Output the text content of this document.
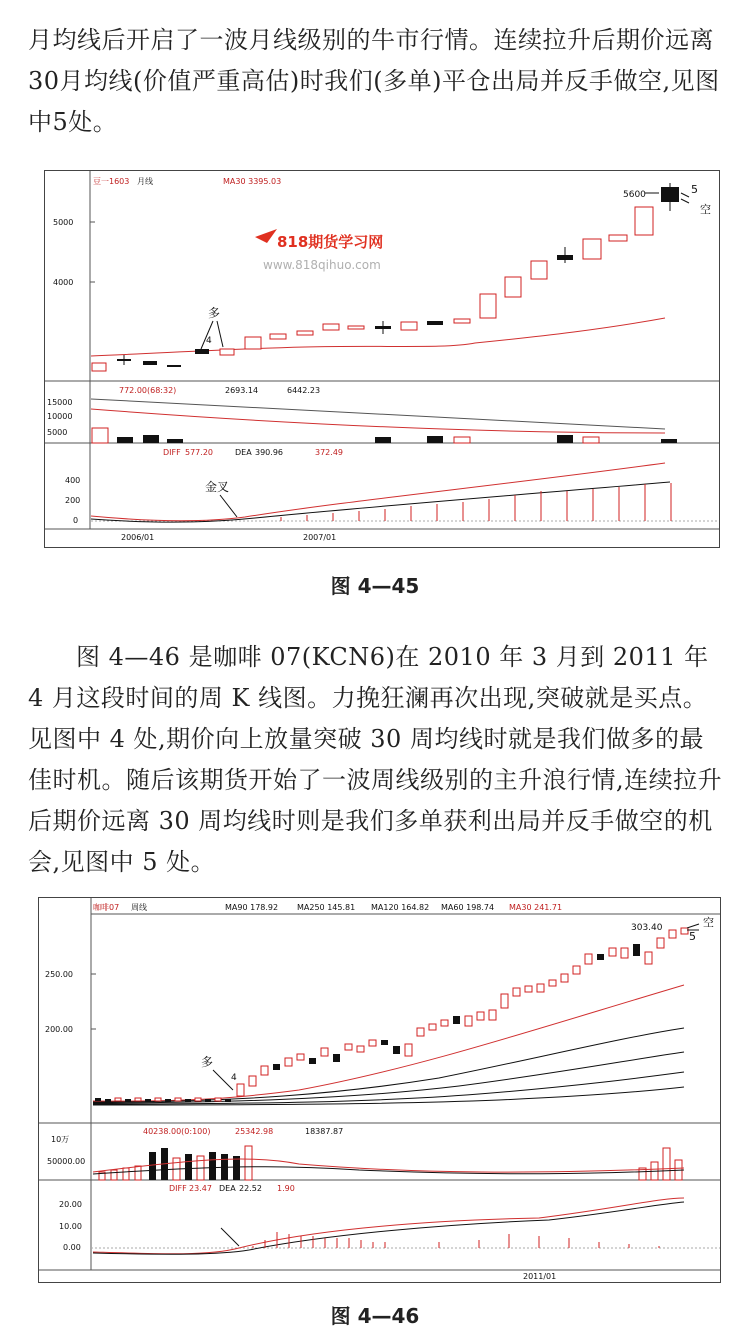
月均线后开启了一波月线级别的牛市行情。连续拉升后期价远离30月均线(价值严重高估)时我们(多单)平仓出局并反手做空,见图中5处。

豆一1603 月线	MA30 3395.03
5000
4000
818期货学习网
www.818qihuo.com
多
4
5600	5
空
772.00(68:32)	2693.14	6442.23
15000
10000
5000
DIFF 577.20	DEA 390.96	372.49
400
200
0
金叉
2006/01	2007/01
图 4—45

图 4—46 是咖啡 07(KCN6)在 2010 年 3 月到 2011 年 4 月这段时间的周 K 线图。力挽狂澜再次出现,突破就是买点。见图中 4 处,期价向上放量突破 30 周均线时就是我们做多的最佳时机。随后该期货开始了一波周线级别的主升浪行情,连续拉升后期价远离 30 周均线时则是我们多单获利出局并反手做空的机会,见图中 5 处。

咖啡07 周线	MA90 178.92 MA250 145.81 MA120 164.82 MA60 198.74 MA30 241.71
250.00
200.00
多
4
303.40
5
空
40238.00(0:100)	25342.98	18387.87
10万
50000.00
DIFF 23.47 DEA 22.52 1.90
20.00
10.00
0.00
2011/01
图 4—46
